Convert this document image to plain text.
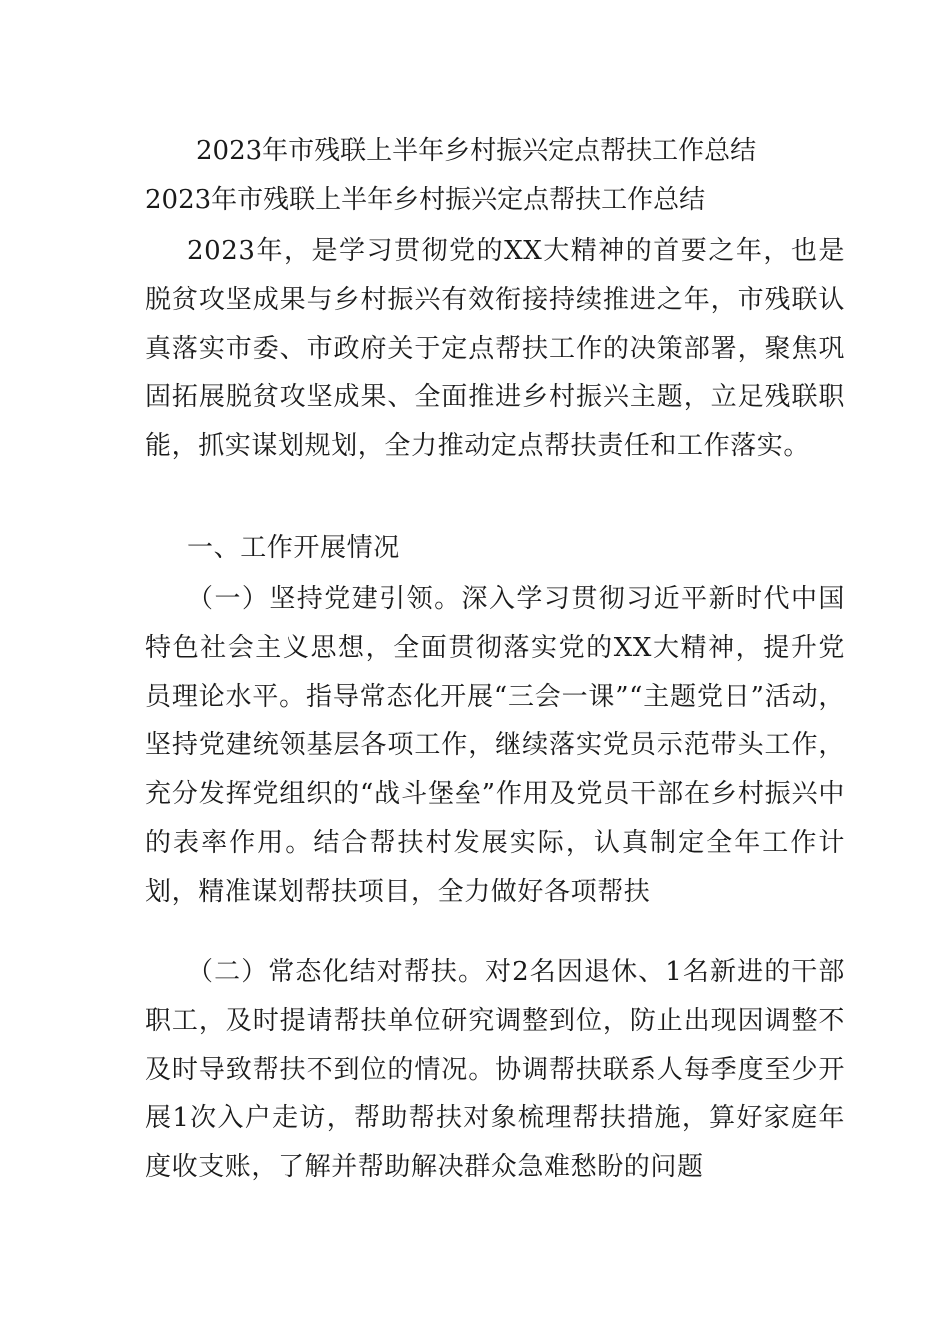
2023年市残联上半年乡村振兴定点帮扶工作总结
2023年市残联上半年乡村振兴定点帮扶工作总结

2023年，是学习贯彻党的XX大精神的首要之年，也是脱贫攻坚成果与乡村振兴有效衔接持续推进之年，市残联认真落实市委、市政府关于定点帮扶工作的决策部署，聚焦巩固拓展脱贫攻坚成果、全面推进乡村振兴主题，立足残联职能，抓实谋划规划，全力推动定点帮扶责任和工作落实。

一、工作开展情况

（一）坚持党建引领。深入学习贯彻习近平新时代中国特色社会主义思想，全面贯彻落实党的XX大精神，提升党员理论水平。指导常态化开展“三会一课”“主题党日”活动，坚持党建统领基层各项工作，继续落实党员示范带头工作，充分发挥党组织的“战斗堡垒”作用及党员干部在乡村振兴中的表率作用。结合帮扶村发展实际，认真制定全年工作计划，精准谋划帮扶项目，全力做好各项帮扶

（二）常态化结对帮扶。对2名因退休、1名新进的干部职工，及时提请帮扶单位研究调整到位，防止出现因调整不及时导致帮扶不到位的情况。协调帮扶联系人每季度至少开展1次入户走访，帮助帮扶对象梳理帮扶措施，算好家庭年度收支账，了解并帮助解决群众急难愁盼的问题
